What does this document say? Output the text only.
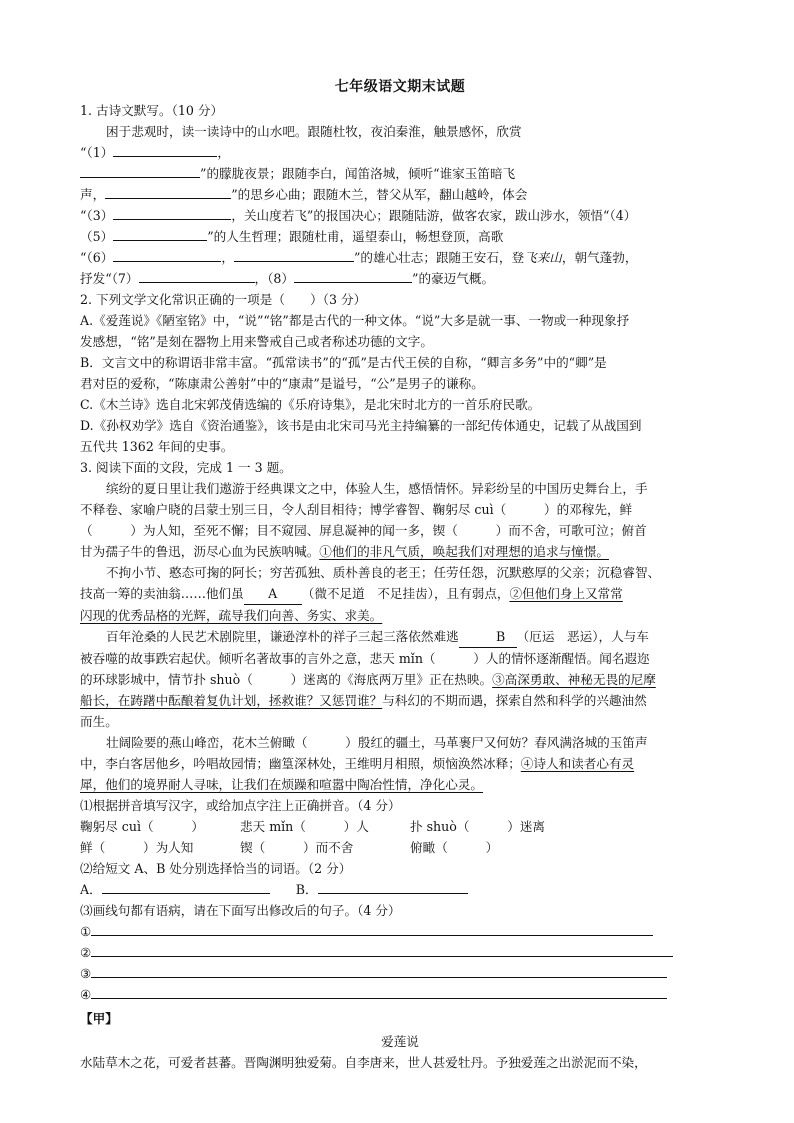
七年级语文期末试题
1. 古诗文默写。（10 分）
困于悲观时，读一读诗中的山水吧。跟随杜牧，夜泊秦淮，触景感怀，欣赏
“（1）	，
”的朦胧夜景；跟随李白，闻笛洛城，倾听“谁家玉笛暗飞
声，	”的思乡心曲；跟随木兰，替父从军，翻山越岭，体会
“（3）	，关山度若飞”的报国决心；跟随陆游，做客农家，跋山涉水，领悟“（4）
（5）	”的人生哲理；跟随杜甫，遥望泰山，畅想登顶，高歌
“（6）	，	”的雄心壮志；跟随王安石，登飞来山，朝气蓬勃，
抒发“（7）	，（8）	”的豪迈气概。
2. 下列文学文化常识正确的一项是（　　）（3 分）
A.《爱莲说》《陋室铭》中，“说”“铭”都是古代的一种文体。“说”大多是就一事、一物或一种现象抒
发感想，“铭”是刻在器物上用来警戒自己或者称述功德的文字。
B．文言文中的称谓语非常丰富。“孤常读书”的“孤”是古代王侯的自称，“卿言多务”中的“卿”是
君对臣的爱称，“陈康肃公善射”中的“康肃”是谥号，“公”是男子的谦称。
C.《木兰诗》选自北宋郭茂倩选编的《乐府诗集》，是北宋时北方的一首乐府民歌。
D.《孙权劝学》选自《资治通鉴》，该书是由北宋司马光主持编纂的一部纪传体通史，记载了从战国到
五代共 1362 年间的史事。
3. 阅读下面的文段，完成 1 一 3 题。
缤纷的夏日里让我们遨游于经典课文之中，体验人生，感悟情怀。异彩纷呈的中国历史舞台上，手
不释卷、家喻户晓的吕蒙士别三日，令人刮目相待；博学睿智、鞠躬尽 cuì（　　　）的邓稼先，鲜
（　　　）为人知，至死不懈；目不窥园、屏息凝神的闻一多，锲（　　　）而不舍，可歌可泣；俯首
甘为孺子牛的鲁迅，沥尽心血为民族呐喊。①他们的非凡气质，唤起我们对理想的追求与憧憬。
不拘小节、憨态可掬的阿长；穷苦孤独、质朴善良的老王；任劳任怨，沉默憨厚的父亲；沉稳睿智、
技高一筹的卖油翁……他们虽 A （微不足道　不足挂齿），且有弱点，②但他们身上又常常
闪现的优秀品格的光辉，疏导我们向善、务实、求美。
百年沧桑的人民艺术剧院里，谦逊淳朴的祥子三起三落依然难逃	B （厄运　恶运），人与车
被吞噬的故事跌宕起伏。倾听名著故事的言外之意，悲天 mǐn（　　　）人的情怀逐渐醒悟。闻名遐迩
的环球影城中，情节扑 shuò（　　　）迷离的《海底两万里》正在热映。③高深勇敢、神秘无畏的尼摩
船长，在踌躇中酝酿着复仇计划，拯救谁？又惩罚谁？与科幻的不期而遇，探索自然和科学的兴趣油然
而生。
壮阔险要的燕山峰峦，花木兰俯瞰（　　　）殷红的疆土，马革裹尸又何妨？春风满洛城的玉笛声
中，李白客居他乡，吟唱故园情；幽篁深林处，王维明月相照，烦恼涣然冰释；④诗人和读者心有灵
犀，他们的境界耐人寻味，让我们在烦躁和喧嚣中陶冶性情，净化心灵。
⑴根据拼音填写汉字，或给加点字注上正确拼音。（4 分）
鞠躬尽 cuì（　　　）	悲天 mǐn（　　　）人	扑 shuò（　　　）迷离
鲜（　　　）为人知	锲（　　　）而不舍	俯瞰（　　　）
⑵给短文 A、B 处分别选择恰当的词语。（2 分）
A．	B．
⑶画线句都有语病，请在下面写出修改后的句子。（4 分）
①
②
③
④
【甲】
爱莲说
水陆草木之花，可爱者甚蕃。晋陶渊明独爱菊。自李唐来，世人甚爱牡丹。予独爱莲之出淤泥而不染，
